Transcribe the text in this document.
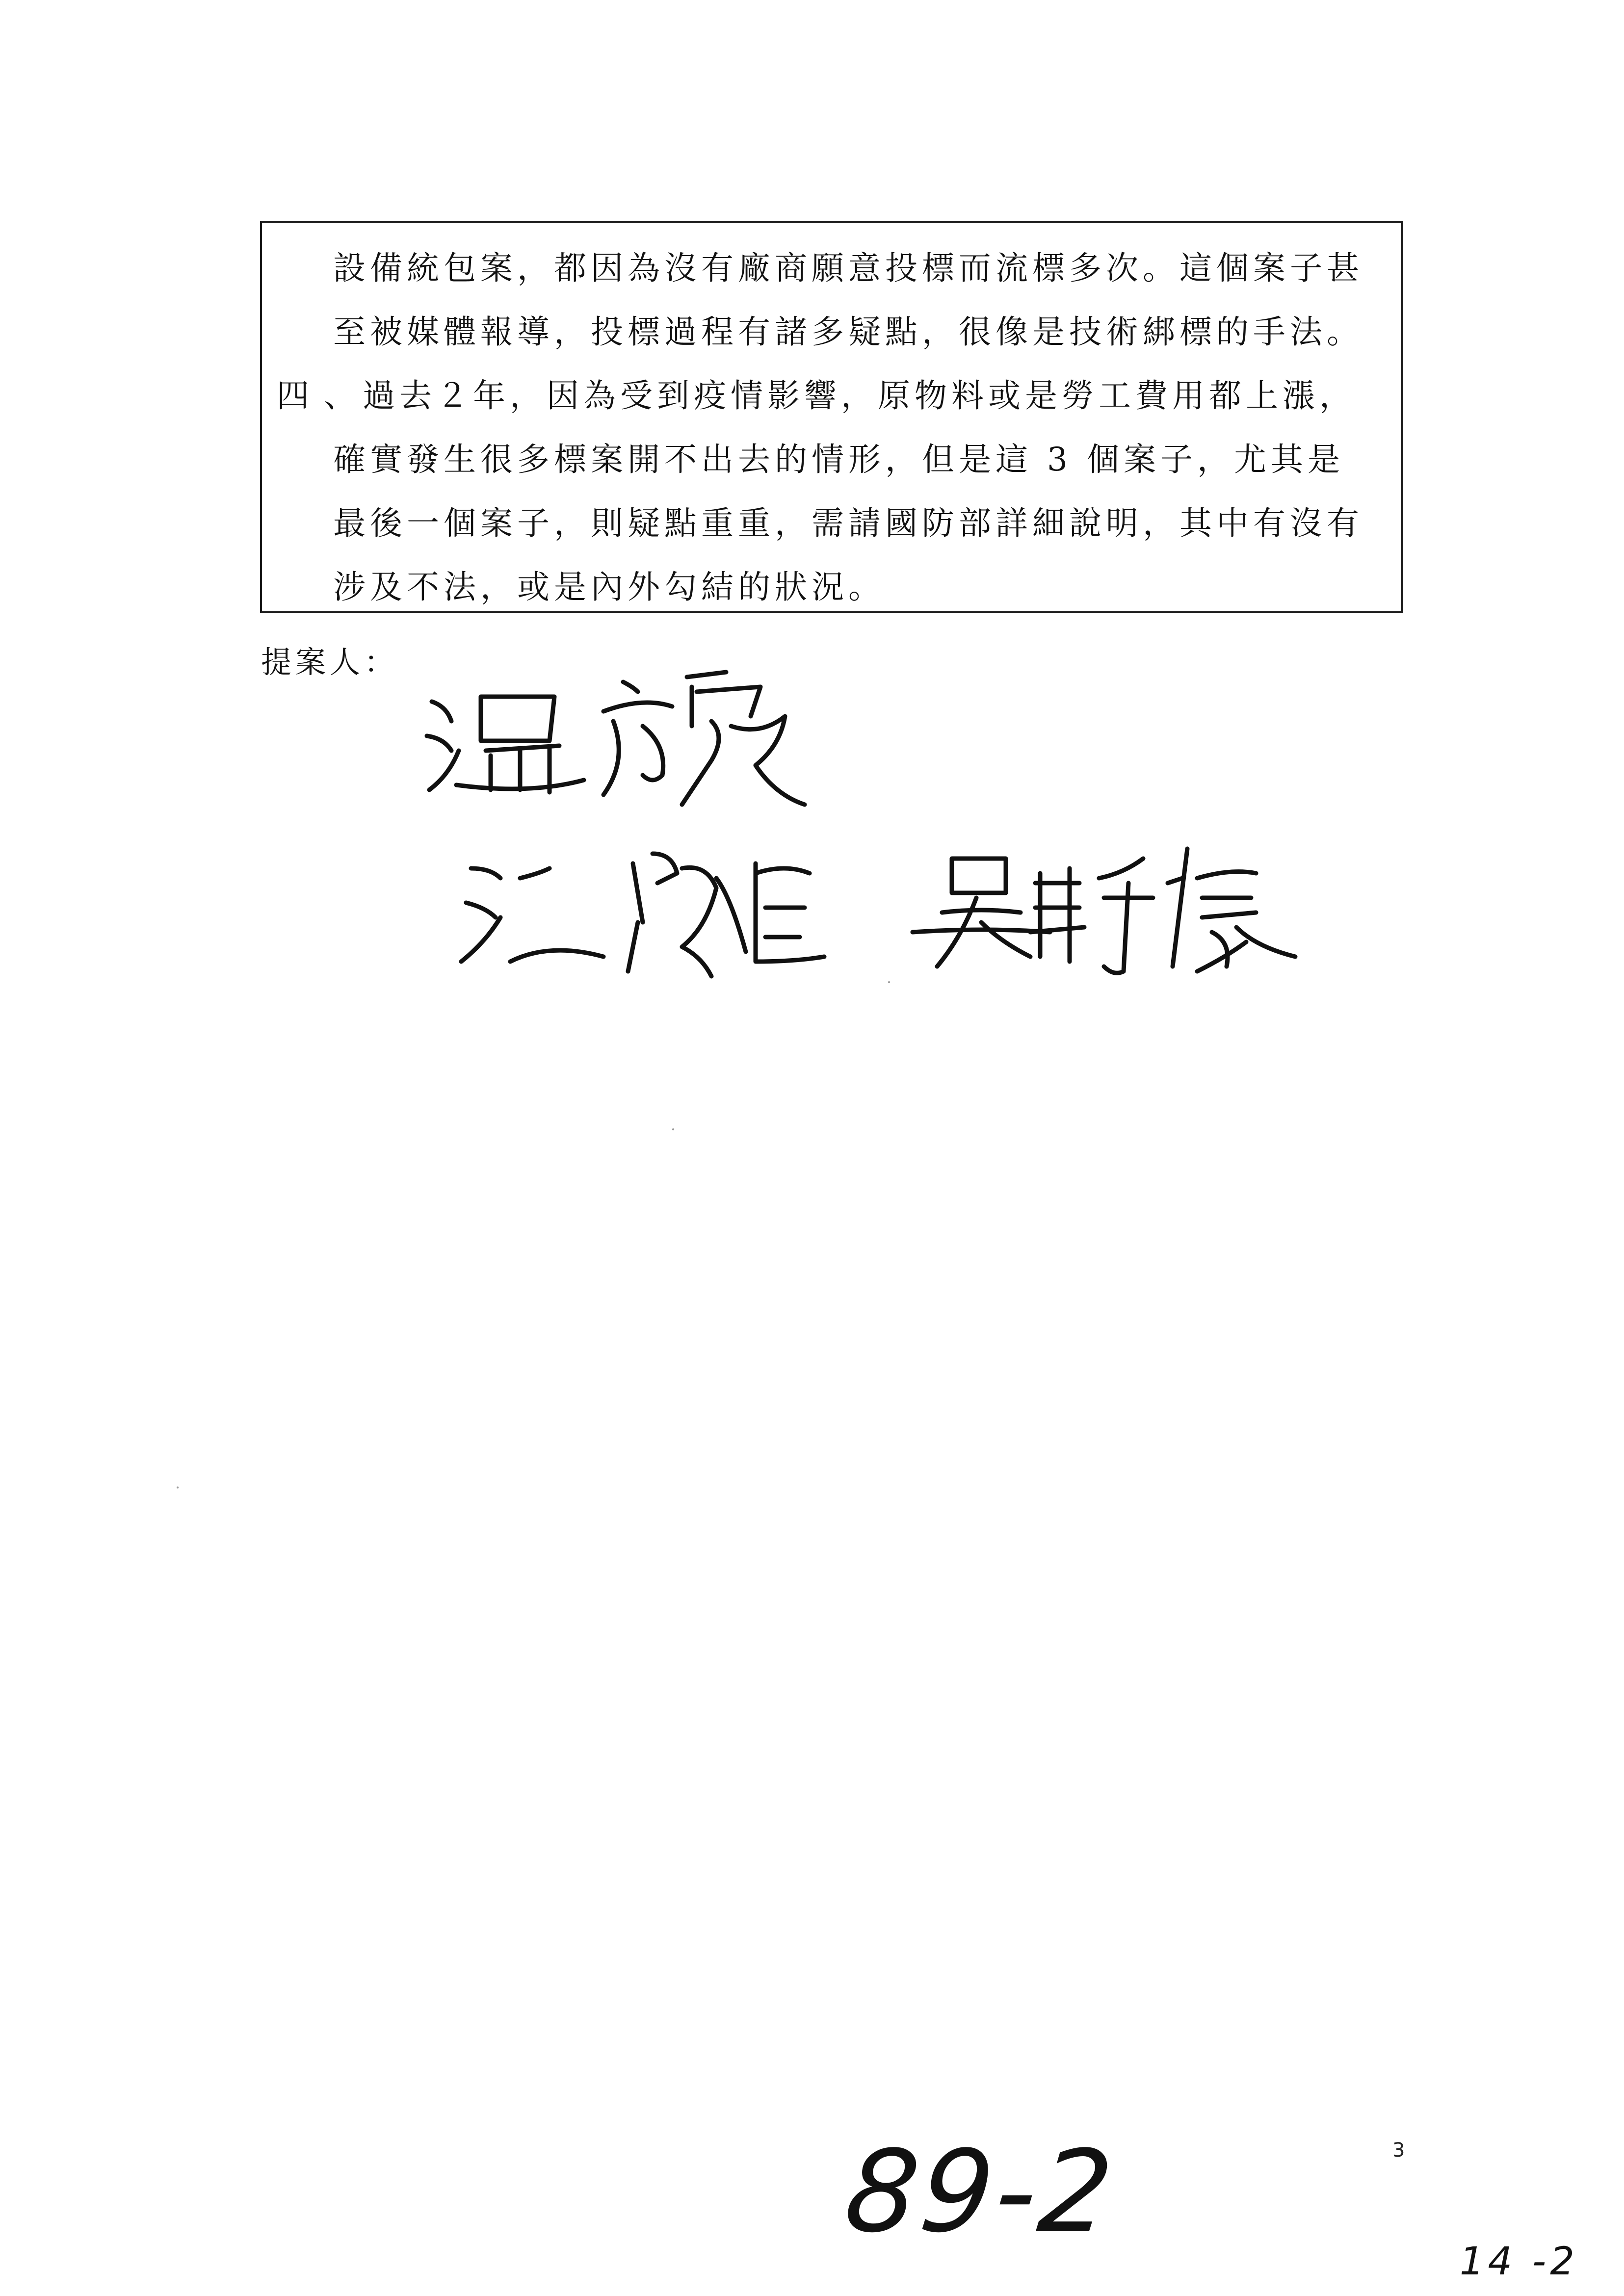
設備統包案，都因為沒有廠商願意投標而流標多次。這個案子甚
至被媒體報導，投標過程有諸多疑點，很像是技術綁標的手法。
四、
過去２年，因為受到疫情影響，原物料或是勞工費用都上漲，
確實發生很多標案開不出去的情形，但是這 3 個案子，尤其是
最後一個案子，則疑點重重，需請國防部詳細說明，其中有沒有
涉及不法，或是內外勾結的狀況。
提案人：
3
89-2
14 -2
